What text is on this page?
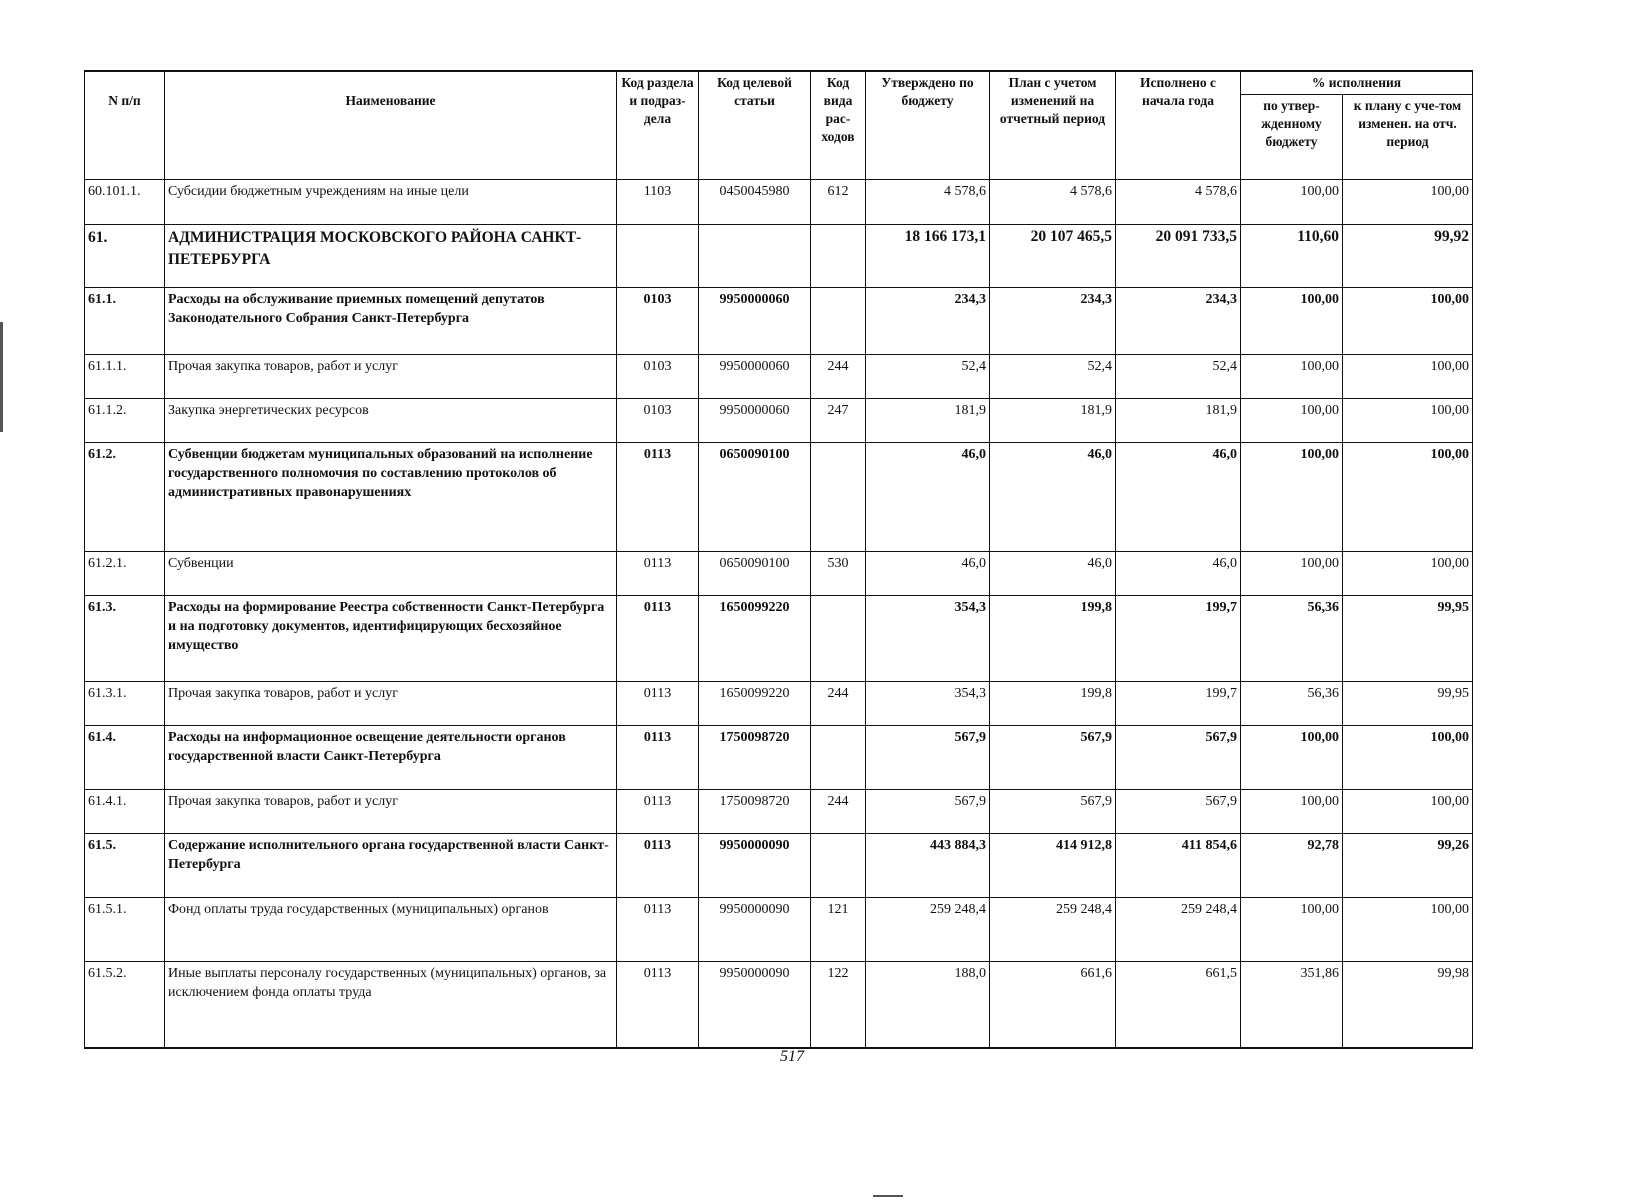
N п/п	Наименование	Код раздела и подраз-дела	Код целевой статьи	Код вида рас-ходов	Утверждено по бюджету	План с учетом изменений на отчетный период	Исполнено с начала года	% исполнения	
								по утвер-жденному бюджету	к плану с уче-том изменен. на отч. период
60.101.1.	Субсидии бюджетным учреждениям на иные цели	1103	0450045980	612	4 578,6	4 578,6	4 578,6	100,00	100,00
61.	АДМИНИСТРАЦИЯ МОСКОВСКОГО РАЙОНА САНКТ-ПЕТЕРБУРГА				18 166 173,1	20 107 465,5	20 091 733,5	110,60	99,92
61.1.	Расходы на обслуживание приемных помещений депутатов Законодательного Собрания Санкт-Петербурга	0103	9950000060		234,3	234,3	234,3	100,00	100,00
61.1.1.	Прочая закупка товаров, работ и услуг	0103	9950000060	244	52,4	52,4	52,4	100,00	100,00
61.1.2.	Закупка энергетических ресурсов	0103	9950000060	247	181,9	181,9	181,9	100,00	100,00
61.2.	Субвенции бюджетам муниципальных образований на исполнение государственного полномочия по составлению протоколов об административных правонарушениях	0113	0650090100		46,0	46,0	46,0	100,00	100,00
61.2.1.	Субвенции	0113	0650090100	530	46,0	46,0	46,0	100,00	100,00
61.3.	Расходы на формирование Реестра собственности Санкт-Петербурга и на подготовку документов, идентифицирующих бесхозяйное имущество	0113	1650099220		354,3	199,8	199,7	56,36	99,95
61.3.1.	Прочая закупка товаров, работ и услуг	0113	1650099220	244	354,3	199,8	199,7	56,36	99,95
61.4.	Расходы на информационное освещение деятельности органов государственной власти Санкт-Петербурга	0113	1750098720		567,9	567,9	567,9	100,00	100,00
61.4.1.	Прочая закупка товаров, работ и услуг	0113	1750098720	244	567,9	567,9	567,9	100,00	100,00
61.5.	Содержание исполнительного органа государственной власти Санкт-Петербурга	0113	9950000090		443 884,3	414 912,8	411 854,6	92,78	99,26
61.5.1.	Фонд оплаты труда государственных (муниципальных) органов	0113	9950000090	121	259 248,4	259 248,4	259 248,4	100,00	100,00
61.5.2.	Иные выплаты персоналу государственных (муниципальных) органов, за исключением фонда оплаты труда	0113	9950000090	122	188,0	661,6	661,5	351,86	99,98
517
